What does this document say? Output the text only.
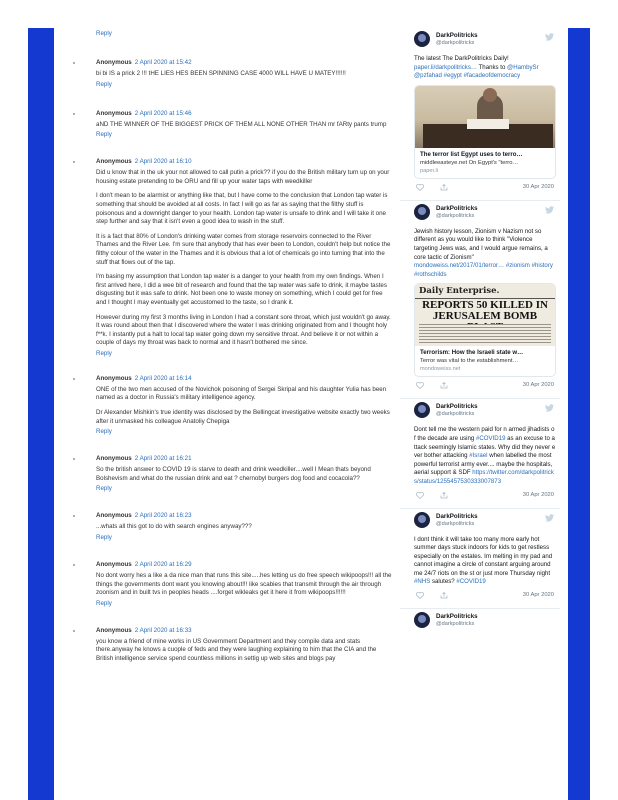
Reply
Anonymous 2 April 2020 at 15:42

bi bi IS a prick 2 !!! tHE LIES HES BEEN SPINNING CASE 4000 WILL HAVE U MATEY!!!!!!

Reply
Anonymous 2 April 2020 at 15:46

aND THE WINNER OF THE BIGGEST PRICK OF THEM ALL NONE OTHER THAN mr fARty pants trump

Reply
Anonymous 2 April 2020 at 16:10

Did u know that in the uk your not allowed to call putin a prick?? if you do the British military turn up on your housing estate pretending to be ORU and fill up your water taps with weedkiller

I don't mean to be alarmist or anything like that, but I have come to the conclusion that London tap water is something that should be avoided at all costs. In fact I will go as far as saying that the filthy stuff is poisonous and a downright danger to your health. London tap water is unsafe to drink and I will take it one step further and say that it isn't even a good idea to wash in the stuff.

It is a fact that 80% of London's drinking water comes from storage reservoirs connected to the River Thames and the River Lee. I'm sure that anybody that has ever been to London, couldn't help but notice the filthy colour of the water in the Thames and it is obvious that a lot of chemicals go into turning that into the stuff that flows out of the tap.

I'm basing my assumption that London tap water is a danger to your health from my own findings. When I first arrived here, I did a wee bit of research and found that the tap water was safe to drink, it maybe tastes disgusting but it was safe to drink. Not been one to waste money on something, which I could get for free and I thought I may eventually get accustomed to the taste, so I drank it.

However during my first 3 months living in London I had a constant sore throat, which just wouldn't go away. It was round about then that I discovered where the water I was drinking originated from and I thought holy f**k. I instantly put a halt to local tap water going down my sensitive throat. And believe it or not within a couple of days my throat was back to normal and it hasn't bothered me since.

Reply
Anonymous 2 April 2020 at 16:14

ONE of the two men accused of the Novichok poisoning of Sergei Skripal and his daughter Yulia has been named as a doctor in Russia's military intelligence agency.

Dr Alexander Mishkin's true identity was disclosed by the Bellingcat investigative website exactly two weeks after it unmasked his colleague Anatoliy Chepiga

Reply
Anonymous 2 April 2020 at 16:21

So the british answer to COVID 19 is starve to death and drink weedkiller....well I Mean thats beyond Bolshevism and what do the russian drink and eat ? chernobyl burgers dog food and cocacola??

Reply
Anonymous 2 April 2020 at 16:23

...whats all this got to do with search engines anyway???

Reply
Anonymous 2 April 2020 at 16:29

No dont worry hes a like a da nice man that runs this site.....hes letting us do free speech wikipoops!!! all the things the governments dont want you knowing about!!! like scabies that transmit through the air through zoonism and in built tvs in peoples heads ....forget wikleaks get it here it from wikipoops!!!!!!

Reply
Anonymous 2 April 2020 at 16:33

you know a friend of mine works in US Government Department and they compile data and stats there.anyway he knows a cuople of feds and they were laughing explaining to him that the CIA and the British intelligence service spend countless millions in settig up web sites and blogs pay

DarkPolitricks
@darkpolitricks
The latest The DarkPolitricks Daily! paper.li/darkpolitricks… Thanks to @HambySr @pzfahad #egypt #facadeofdemocracy
The terror list Egypt uses to terro…
middleeasteye.net On Egypt's "terro…
paper.li
30 Apr 2020
DarkPolitricks
@darkpolitricks
Jewish history lesson, Zionism v Nazism not so different as you would like to think "Violence targeting Jews was, and I would argue remains, a core tactic of Zionism" mondoweiss.net/2017/01/terror… #zionism #history #rothschilds
Daily Enterprise.
REPORTS 50 KILLED IN
JERUSALEM BOMB
Terrorism: How the Israeli state w…
Terror was vital to the establishment…
mondoweiss.net
30 Apr 2020
DarkPolitricks
@darkpolitricks
Dont tell me the western paid for n armed jihadists of the decade are using #COVID19 as an excuse to attack seemingly Islamic states. Why did they never ever bother attacking #Israel when labelled the most powerful terrorist army ever.... maybe the hospitals, aerial support & SDF https://twitter.com/darkpolitricks/status/1255457530333007873
30 Apr 2020
DarkPolitricks
@darkpolitricks
I dont think it will take too many more early hot summer days stuck indoors for kids to get restless especially on the estates. Im melting in my pad and cannot imagine a circle of constant arguing around me 24/7 riots on the st or just more Thursday night #NHS salutes? #COVID19
30 Apr 2020
DarkPolitricks
@darkpolitricks
